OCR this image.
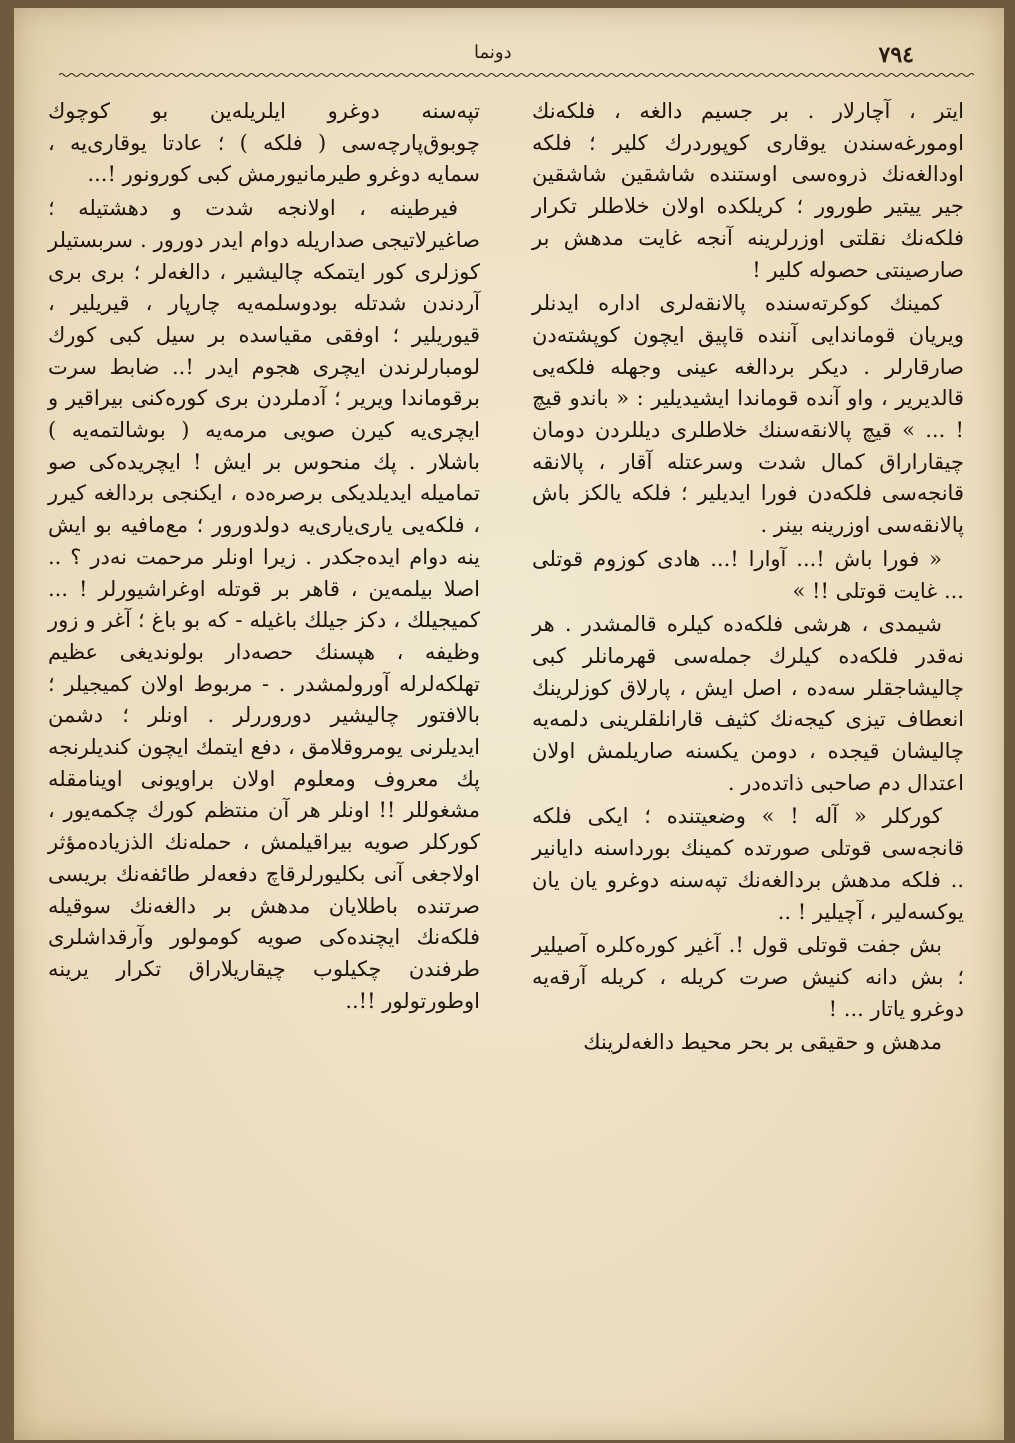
٧٩٤
دونما

ایتر ، آچارلار . بر جسیم دالغه ، فلکه‌نك اومورغه‌سندن یوقاری کوپوردرك کلیر ؛ فلکه اودالغه‌نك ذروه‌سی اوستنده شاشقین شاشقین جیر ییتیر طورور ؛ کریلکده اولان خلاطلر تکرار فلکه‌نك نقلتی اوزرلرینه آنجه غایت مدهش بر صارصینتی حصوله کلیر !

کمینك کوکرته‌سنده پالانقه‌لری اداره ایدنلر ویریان قوماندایی آننده قاپیق ایچون کوپشته‌دن صارقارلر . دیکر بردالغه عینی وجهله فلکه‌یی قالدیریر ، واو آنده قوماندا ایشیدیلیر : « باندو قیچ ! ... » قیچ پالانقه‌سنك خلاطلری دیللردن دومان چیقاراراق کمال شدت وسرعتله آقار ، پالانقه قانجه‌سی فلکه‌دن فورا ایدیلیر ؛ فلکه یالکز باش پالانقه‌سی اوزرینه بینر .

« فورا باش !... آوارا !... هادی کوزوم قوتلی ... غایت قوتلی !! »

شیمدی ، هرشی فلکه‌ده کیلره قالمشدر . هر نه‌قدر فلکه‌ده کیلرك جمله‌سی قهرمانلر کبی چالیشاجقلر سه‌ده ، اصل ایش ، پارلاق کوزلرینك انعطاف تیزی کیجه‌نك کثیف قارانلقلرینی دلمه‌یه چالیشان قیجده ، دومن یکسنه صاریلمش اولان اعتدال دم صاحبی ذاتده‌در .

کورکلر « آله ! » وضعیتنده ؛ ایکی فلکه قانجه‌سی قوتلی صورتده کمینك بورداسنه دایانیر .. فلکه مدهش بردالغه‌نك تپه‌سنه دوغرو یان یان یوکسه‌لیر ، آچیلیر ! ..

بش جفت قوتلی قول !. آغیر کوره‌کلره آصیلیر ؛ بش دانه کنیش صرت کریله ، کریله آرقه‌یه دوغرو یاتار ... !

مدهش و حقیقی بر بحر محیط دالغه‌لرینك

تپه‌سنه دوغرو ایلریله‌ین بو کوچوك چوبوق‌پارچه‌سی ( فلکه ) ؛ عادتا یوقاری‌یه ، سمایه دوغرو طیرمانیورمش کبی کورونور !...

فیرطینه ، اولانجه شدت و دهشتیله ؛ صاغیرلاتیجی صداریله دوام ایدر دورور . سربستیلر کوزلری کور ایتمکه چالیشیر ، دالغه‌لر ؛ بری بری آردندن شدتله بودوسلمه‌یه چارپار ، قیریلیر ، قیوریلیر ؛ اوفقی مقیاسده بر سیل کبی کورك لومبارلرندن ایچری هجوم ایدر !.. ضابط سرت برقوماندا ویریر ؛ آدملردن بری کوره‌کنی بیراقیر و ایچری‌یه کیرن صویی مرمه‌یه ( بوشالتمه‌یه ) باشلار . پك منحوس بر ایش ! ایچریده‌کی صو تمامیله ایدیلدیکی برصره‌ده ، ایکنجی بردالغه کیرر ، فلکه‌یی یاری‌یاری‌یه دولدورور ؛ مع‌مافیه بو ایش ینه دوام ایده‌جکدر . زیرا اونلر مرحمت نه‌در ؟ .. اصلا بیلمه‌ین ، قاهر بر قوتله اوغراشیورلر ! ... کمیجیلك ، دکز جیلك باغیله - که بو باغ ؛ آغر و زور وظیفه ، هپسنك حصه‌دار بولوندیغی عظیم تهلکه‌لرله آورولمشدر . - مربوط اولان کمیجیلر ؛ بالافتور چالیشیر دوروررلر . اونلر ؛ دشمن ایدیلرنی یومروقلامق ، دفع ایتمك ایچون کندیلرنجه پك معروف ومعلوم اولان براویونی اوینامقله مشغوللر !! اونلر هر آن منتظم کورك چکمه‌یور ، کورکلر صویه بیراقیلمش ، حمله‌نك الذزیاده‌مؤثر اولاجغی آنی بکلیورلرقاچ دفعه‌لر طائفه‌نك بریسی صرتنده باطلایان مدهش بر دالغه‌نك سوقیله فلکه‌نك ایچنده‌کی صویه کومولور وآرقداشلری طرفندن چکیلوب چیقاریلاراق تکرار یرینه اوطورتولور !!..
